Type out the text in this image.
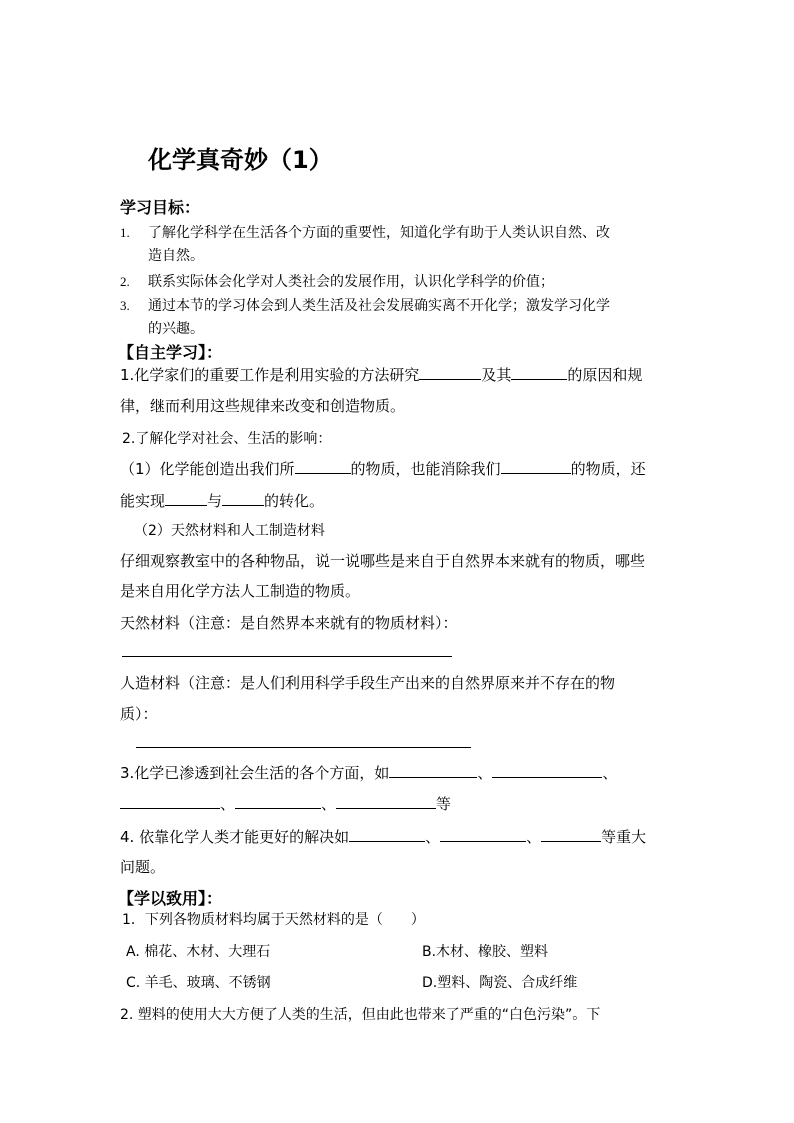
化学真奇妙（1）
学习目标：
1. 了解化学科学在生活各个方面的重要性，知道化学有助于人类认识自然、改
造自然。
2. 联系实际体会化学对人类社会的发展作用，认识化学科学的价值；
3. 通过本节的学习体会到人类生活及社会发展确实离不开化学；激发学习化学
的兴趣。
【自主学习】：
1.化学家们的重要工作是利用实验的方法研究	及其	的原因和规
律，继而利用这些规律来改变和创造物质。
2.了解化学对社会、生活的影响：
（1）化学能创造出我们所	的物质，也能消除我们	的物质，还
能实现	与	的转化。
（2）天然材料和人工制造材料
仔细观察教室中的各种物品，说一说哪些是来自于自然界本来就有的物质，哪些
是来自用化学方法人工制造的物质。
天然材料（注意：是自然界本来就有的物质材料）：
人造材料（注意：是人们利用科学手段生产出来的自然界原来并不存在的物
质）：
3.化学已渗透到社会生活的各个方面，如	、	、
、	、	等
4. 依靠化学人类才能更好的解决如	、	、	等重大
问题。
【学以致用】：
1．下列各物质材料均属于天然材料的是（　　）
A. 棉花、木材、大理石	B.木材、橡胶、塑料
C. 羊毛、玻璃、不锈钢	D.塑料、陶瓷、合成纤维
2. 塑料的使用大大方便了人类的生活，但由此也带来了严重的“白色污染”。下
